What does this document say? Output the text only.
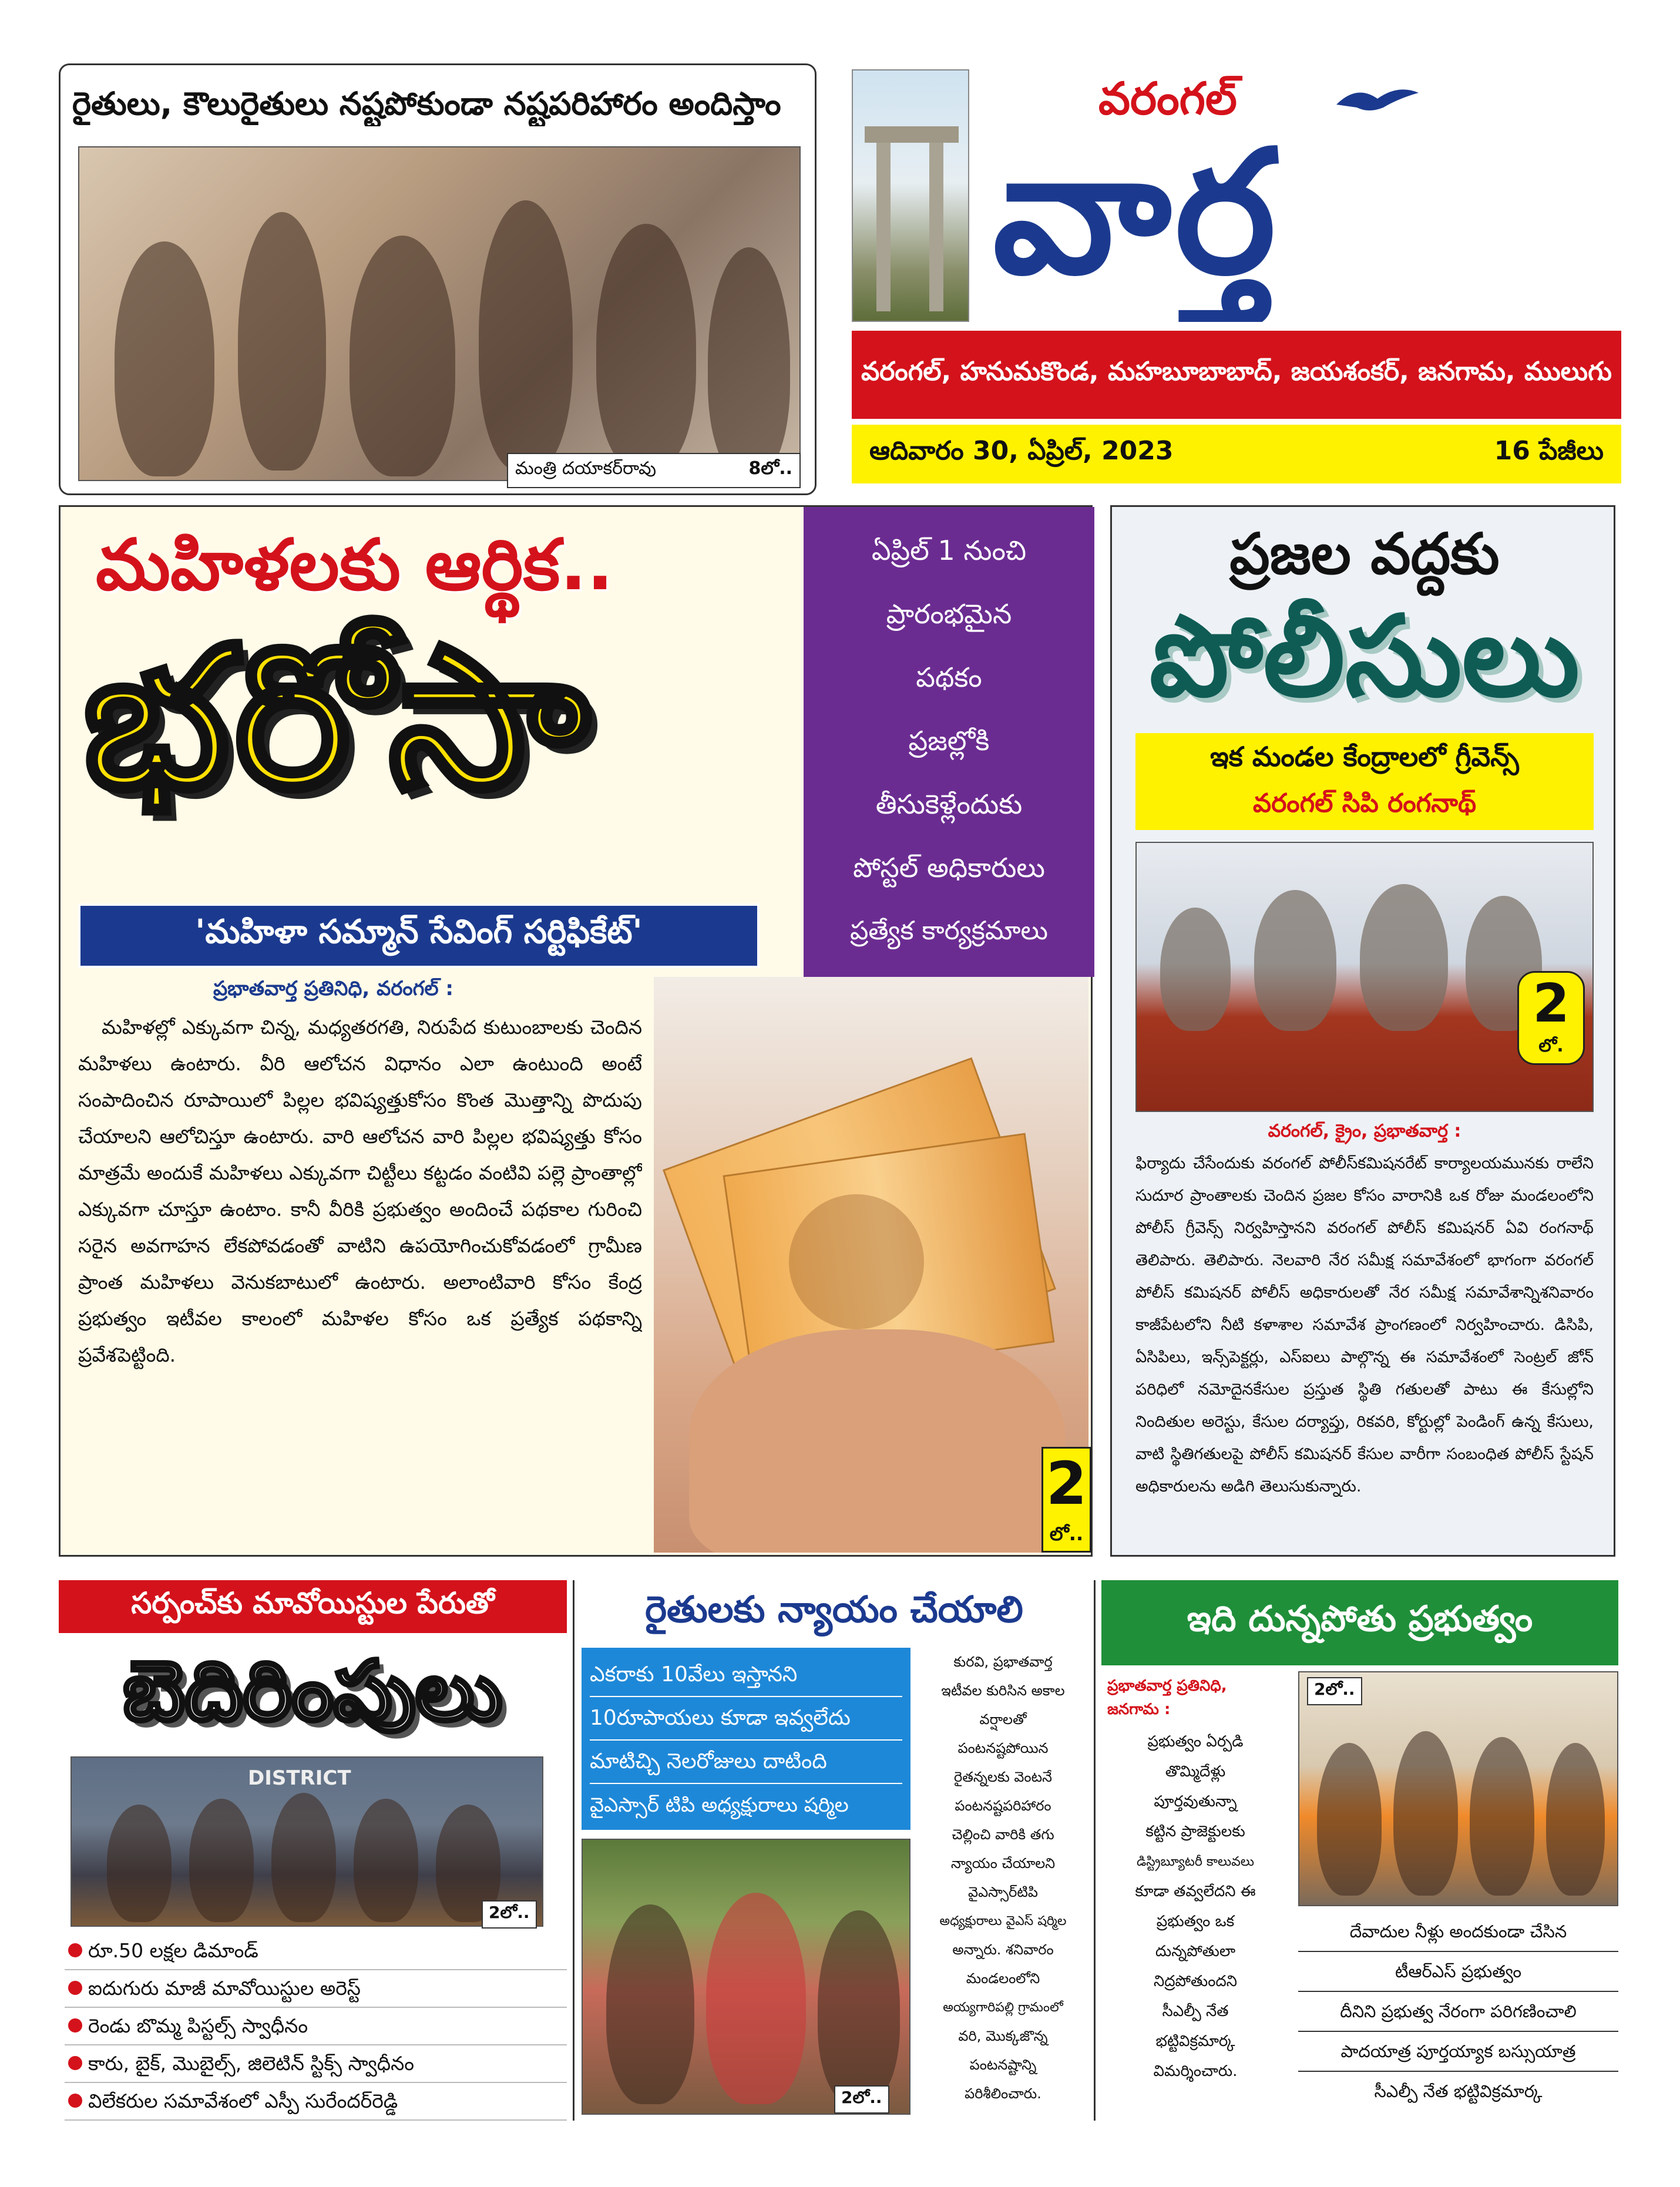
రైతులు, కౌలురైతులు నష్టపోకుండా నష్టపరిహారం అందిస్తాం
మంత్రి దయాకర్‌రావు	8లో..
వరంగల్
వార్త
వరంగల్, హనుమకొండ, మహబూబాబాద్, జయశంకర్, జనగామ, ములుగు
ఆదివారం 30, ఏప్రిల్, 2023	16 పేజీలు
మహిళలకు ఆర్థిక..
భరోసా
'మహిళా సమ్మాన్ సేవింగ్ సర్టిఫికేట్'
ఏప్రిల్ 1 నుంచి
ప్రారంభమైన
పథకం
ప్రజల్లోకి
తీసుకెళ్లేందుకు
పోస్టల్ అధికారులు
ప్రత్యేక కార్యక్రమాలు
ప్రభాతవార్త ప్రతినిధి, వరంగల్ :
మహిళల్లో ఎక్కువగా చిన్న, మధ్యతరగతి, నిరుపేద కుటుంబాలకు చెందిన మహిళలు ఉంటారు. వీరి ఆలోచన విధానం ఎలా ఉంటుంది అంటే సంపాదించిన రూపాయిలో పిల్లల భవిష్యత్తుకోసం కొంత మొత్తాన్ని పొదుపు చేయాలని ఆలోచిస్తూ ఉంటారు. వారి ఆలోచన వారి పిల్లల భవిష్యత్తు కోసం మాత్రమే అందుకే మహిళలు ఎక్కువగా చిట్టీలు కట్టడం వంటివి పల్లె ప్రాంతాల్లో ఎక్కువగా చూస్తూ ఉంటాం. కానీ వీరికి ప్రభుత్వం అందించే పథకాల గురించి సరైన అవగాహన లేకపోవడంతో వాటిని ఉపయోగించుకోవడంలో గ్రామీణ ప్రాంత మహిళలు వెనుకబాటులో ఉంటారు. అలాంటివారి కోసం కేంద్ర ప్రభుత్వం ఇటీవల కాలంలో మహిళల కోసం ఒక ప్రత్యేక పథకాన్ని ప్రవేశపెట్టింది.
2
లో..
ప్రజల వద్దకు
పోలీసులు
ఇక మండల కేంద్రాలలో గ్రీవెన్స్
వరంగల్ సిపి రంగనాథ్
2
లో.
వరంగల్, క్రైం, ప్రభాతవార్త :
ఫిర్యాదు చేసేందుకు వరంగల్ పోలీస్‌కమిషనరేట్ కార్యాలయమునకు రాలేని సుదూర ప్రాంతాలకు చెందిన ప్రజల కోసం వారానికి ఒక రోజు మండలంలోని పోలీస్ గ్రీవెన్స్ నిర్వహిస్తానని వరంగల్ పోలీస్ కమిషనర్ ఏవి రంగనాథ్ తెలిపారు. తెలిపారు. నెలవారి నేర సమీక్ష సమావేశంలో భాగంగా వరంగల్ పోలీస్ కమిషనర్ పోలీస్ అధికారులతో నేర సమీక్ష సమావేశాన్నిశనివారం కాజీపేటలోని నీటి కళాశాల సమావేశ ప్రాంగణంలో నిర్వహించారు. డిసిపి, ఏసిపిలు, ఇన్స్‌పెక్టర్లు, ఎస్‌ఐలు పాల్గొన్న ఈ సమావేశంలో సెంట్రల్ జోన్ పరిధిలో నమోదైనకేసుల ప్రస్తుత స్థితి గతులతో పాటు ఈ కేసుల్లోని నిందితుల అరెస్టు, కేసుల దర్యాప్తు, రికవరి, కోర్టుల్లో పెండింగ్ ఉన్న కేసులు, వాటి స్థితిగతులపై పోలీస్ కమిషనర్ కేసుల వారీగా సంబంధిత పోలీస్ స్టేషన్ అధికారులను అడిగి తెలుసుకున్నారు.
సర్పంచ్‌కు మావోయిస్టుల పేరుతో
బెదిరింపులు
DISTRICT
2లో..
రూ.50 లక్షల డిమాండ్
ఐదుగురు మాజీ మావోయిస్టుల అరెస్ట్
రెండు బొమ్మ పిస్టల్స్ స్వాధీనం
కారు, బైక్, మొబైల్స్, జిలెటిన్ స్టిక్స్ స్వాధీనం
విలేకరుల సమావేశంలో ఎస్పీ సురేందర్‌రెడ్డి
రైతులకు న్యాయం చేయాలి
ఎకరాకు 10వేలు ఇస్తానని
10రూపాయలు కూడా ఇవ్వలేదు
మాటిచ్చి నెలరోజులు దాటింది
వైఎస్సార్ టిపి అధ్యక్షురాలు షర్మిల
2లో..
కురవి, ప్రభాతవార్త
ఇటీవల కురిసిన అకాల
వర్షాలతో
పంటనష్టపోయిన
రైతన్నలకు వెంటనే
పంటనష్టపరిహారం
చెల్లించి వారికి తగు
న్యాయం చేయాలని
వైఎస్సార్‌టిపి
అధ్యక్షురాలు వైఎస్ షర్మిల
అన్నారు. శనివారం
మండలంలోని
అయ్యగారిపల్లి గ్రామంలో
వరి, మొక్కజొన్న
పంటనష్టాన్ని
పరిశీలించారు.
ఇది దున్నపోతు ప్రభుత్వం
ప్రభాతవార్త ప్రతినిధి, జనగామ :
ప్రభుత్వం ఏర్పడి
తొమ్మిదేళ్లు
పూర్తవుతున్నా
కట్టిన ప్రాజెక్టులకు
డిస్ట్రిబ్యూటరీ కాలువలు
కూడా తవ్వలేదని ఈ
ప్రభుత్వం ఒక
దున్నపోతులా
నిద్రపోతుందని
సీఎల్పీ నేత
భట్టివిక్రమార్క
విమర్శించారు.
2లో..
దేవాదుల నీళ్లు అందకుండా చేసిన
టీఆర్ఎస్ ప్రభుత్వం
దీనిని ప్రభుత్వ నేరంగా పరిగణించాలి
పాదయాత్ర పూర్తయ్యాక బస్సుయాత్ర
సీఎల్పీ నేత భట్టివిక్రమార్క
